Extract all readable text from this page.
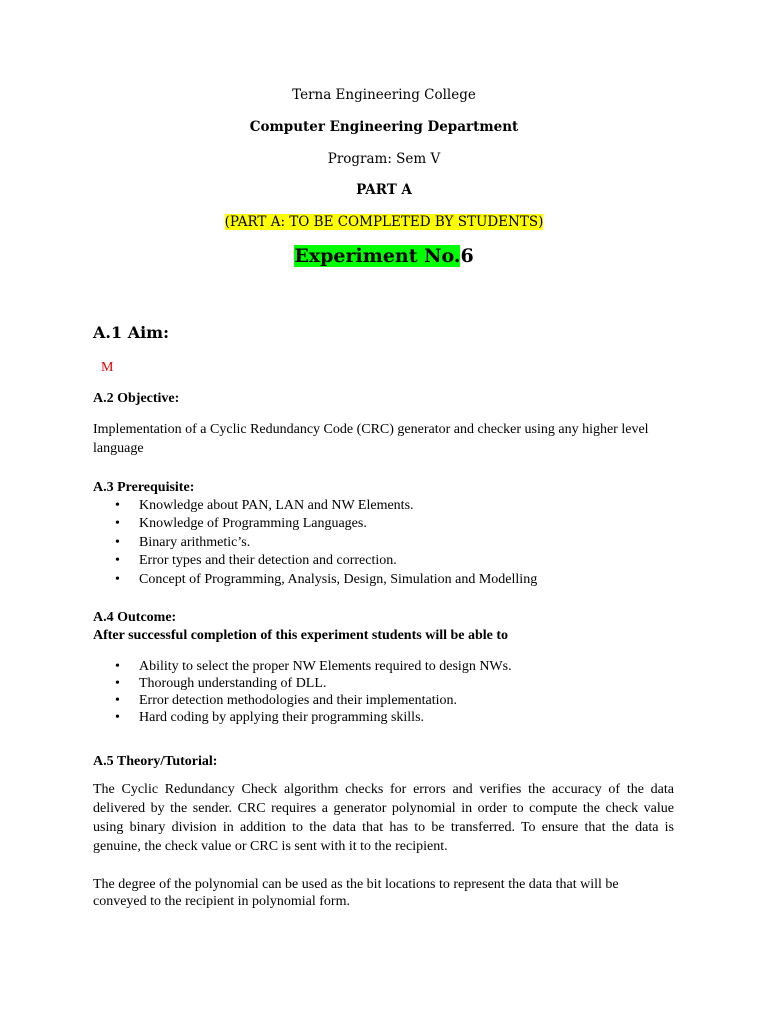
Terna Engineering College
Computer Engineering Department
Program: Sem V
PART A
(PART A: TO BE COMPLETED BY STUDENTS)
Experiment No.6
A.1 Aim:
M
A.2 Objective:
Implementation of a Cyclic Redundancy Code (CRC) generator and checker using any higher level language
A.3 Prerequisite:
• Knowledge about PAN, LAN and NW Elements.
• Knowledge of Programming Languages.
• Binary arithmetic’s.
• Error types and their detection and correction.
• Concept of Programming, Analysis, Design, Simulation and Modelling
A.4 Outcome:
After successful completion of this experiment students will be able to
• Ability to select the proper NW Elements required to design NWs.
• Thorough understanding of DLL.
• Error detection methodologies and their implementation.
• Hard coding by applying their programming skills.
A.5 Theory/Tutorial:
The Cyclic Redundancy Check algorithm checks for errors and verifies the accuracy of the data delivered by the sender. CRC requires a generator polynomial in order to compute the check value using binary division in addition to the data that has to be transferred. To ensure that the data is genuine, the check value or CRC is sent with it to the recipient.
The degree of the polynomial can be used as the bit locations to represent the data that will be conveyed to the recipient in polynomial form.
